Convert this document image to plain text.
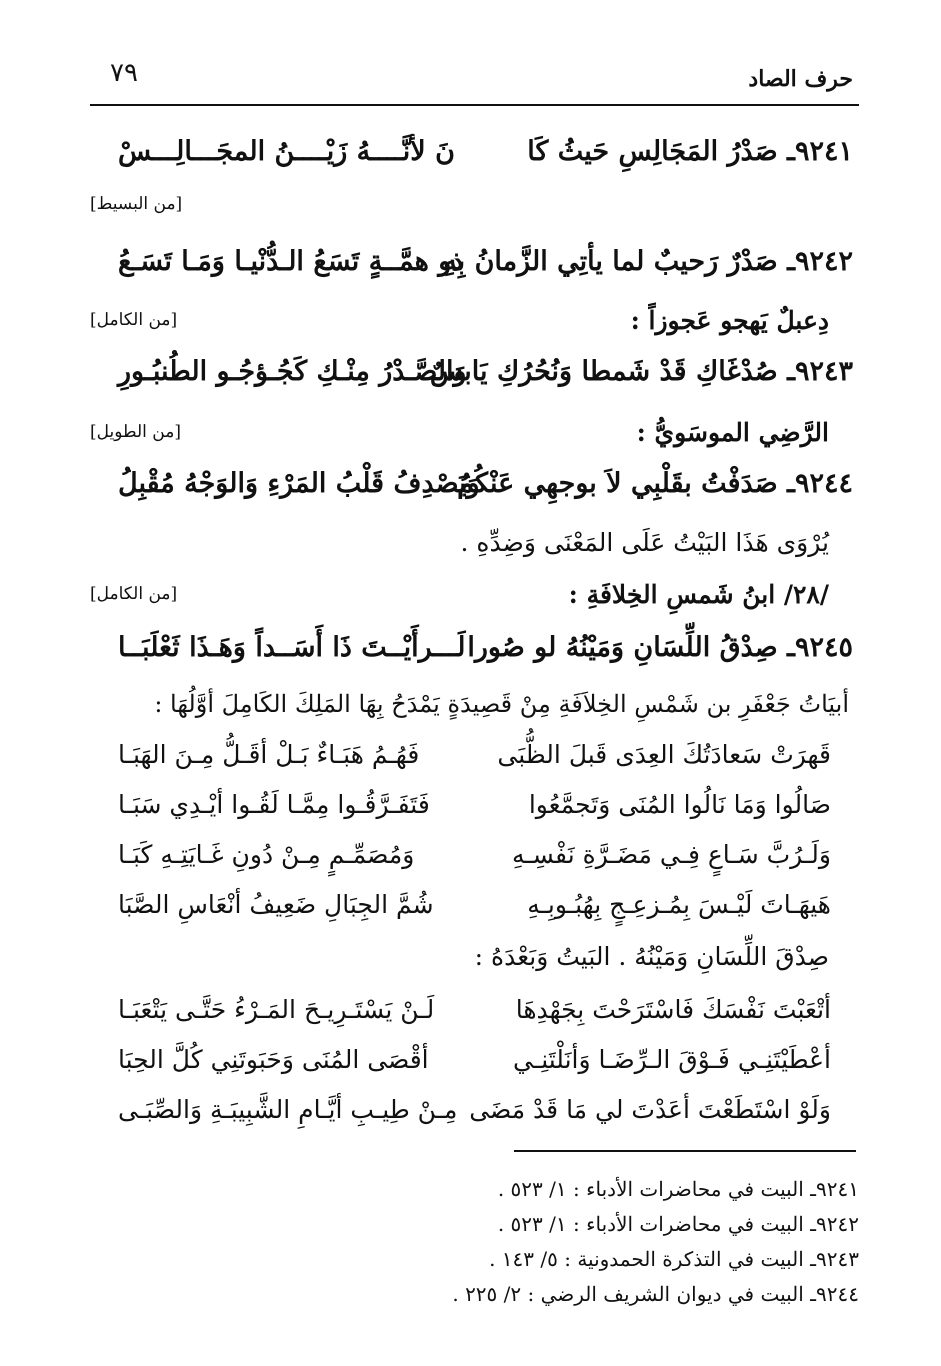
٧٩	حرف الصاد
٩٢٤١ـ صَدْرُ المَجَالِسِ حَيثُ كَا
نَ لأنَّــــهُ زَيْــــنُ المجَـــالِـــسْ
[من البسيط]
٩٢٤٢ـ صَدْرٌ رَحيبٌ لما يأتِي الزَّمانُ بِهِ
ذو همَّــةٍ تَسَعُ الـدُّنْيـا وَمَـا تَسَـعُ
دِعبلٌ يَهجو عَجوزاً :
[من الكامل]
٩٢٤٣ـ صُدْغَاكِ قَدْ شَمطا وَنُحُرُكِ يَابسٌ
وَالصَّـدْرُ مِنْـكِ كَجُـؤجُـو الطُنبُـورِ
الرَّضِي الموسَويُّ :
[من الطويل]
٩٢٤٤ـ صَدَفْتُ بقَلْبِي لاَ بوجهِي عَنْكُمُ
وَيَصْدِفُ قَلْبُ المَرْءِ وَالوَجْهُ مُقْبِلُ
يُرْوَى هَذَا البَيْتُ عَلَى المَعْنَى وَضِدِّهِ .
/٢٨/ ابنُ شَمسِ الخِلافَةِ :
[من الكامل]
٩٢٤٥ـ صِدْقُ اللِّسَانِ وَمَيْنُهُ لو صُورا
لَـــرأَيْــتَ ذَا أَسَــداً وَهَـذَا ثَعْلَبَــا
أبيَاتُ جَعْفَرِ بن شَمْسِ الخِلاَفَةِ مِنْ قَصِيدَةٍ يَمْدَحُ بِهَا المَلِكَ الكَامِلَ أوَّلُهَا :
قَهرَتْ سَعادَتُكَ العِدَى قَبلَ الظُّبَى
فَهُـمُ هَبَـاءٌ بَـلْ أقَـلُّ مِـنَ الهَبَـا
صَالُوا وَمَا نَالُوا المُنَى وَتَجمَّعُوا
فَتَفَـرَّقُـوا مِمَّـا لَقُـوا أيْـدِي سَبَـا
وَلَـرُبَّ سَـاعٍ فِـي مَضَـرَّةِ نَفْسِـهِ
وَمُصَمِّـمٍ مِـنْ دُونِ غَـايَتِـهِ كَبَـا
هَيهَـاتَ لَيْـسَ بِمُـزعِـجٍ بِهُبُـوبِـهِ
شُمَّ الجِبَالِ ضَعِيفُ أنْعَاسِ الصَّبَا
صِدْقَ اللِّسَانِ وَمَيْنُهُ . البَيتُ وَبَعْدَهُ :
أتْعَبْتَ نَفْسَكَ فَاسْتَرَحْتَ بِجَهْدِهَا
لَـنْ يَسْتَـرِيـحَ المَـرْءُ حَتَّـى يَتْعَبَـا
أعْطَيْتَنِـي فَـوْقَ الـرِّضَـا وَأنَلْتَنِـي
أقْصَى المُنَى وَحَبَوتَنِي كُلَّ الحِبَا
وَلَوْ اسْتَطَعْتَ أعَدْتَ لي مَا قَدْ مَضَى
مِـنْ طِيـبِ أيَّـامِ الشَّبِيبَـةِ وَالصِّبَـى
٩٢٤١ـ البيت في محاضرات الأدباء : ١/ ٥٢٣ .
٩٢٤٢ـ البيت في محاضرات الأدباء : ١/ ٥٢٣ .
٩٢٤٣ـ البيت في التذكرة الحمدونية : ٥/ ١٤٣ .
٩٢٤٤ـ البيت في ديوان الشريف الرضي : ٢/ ٢٢٥ .
